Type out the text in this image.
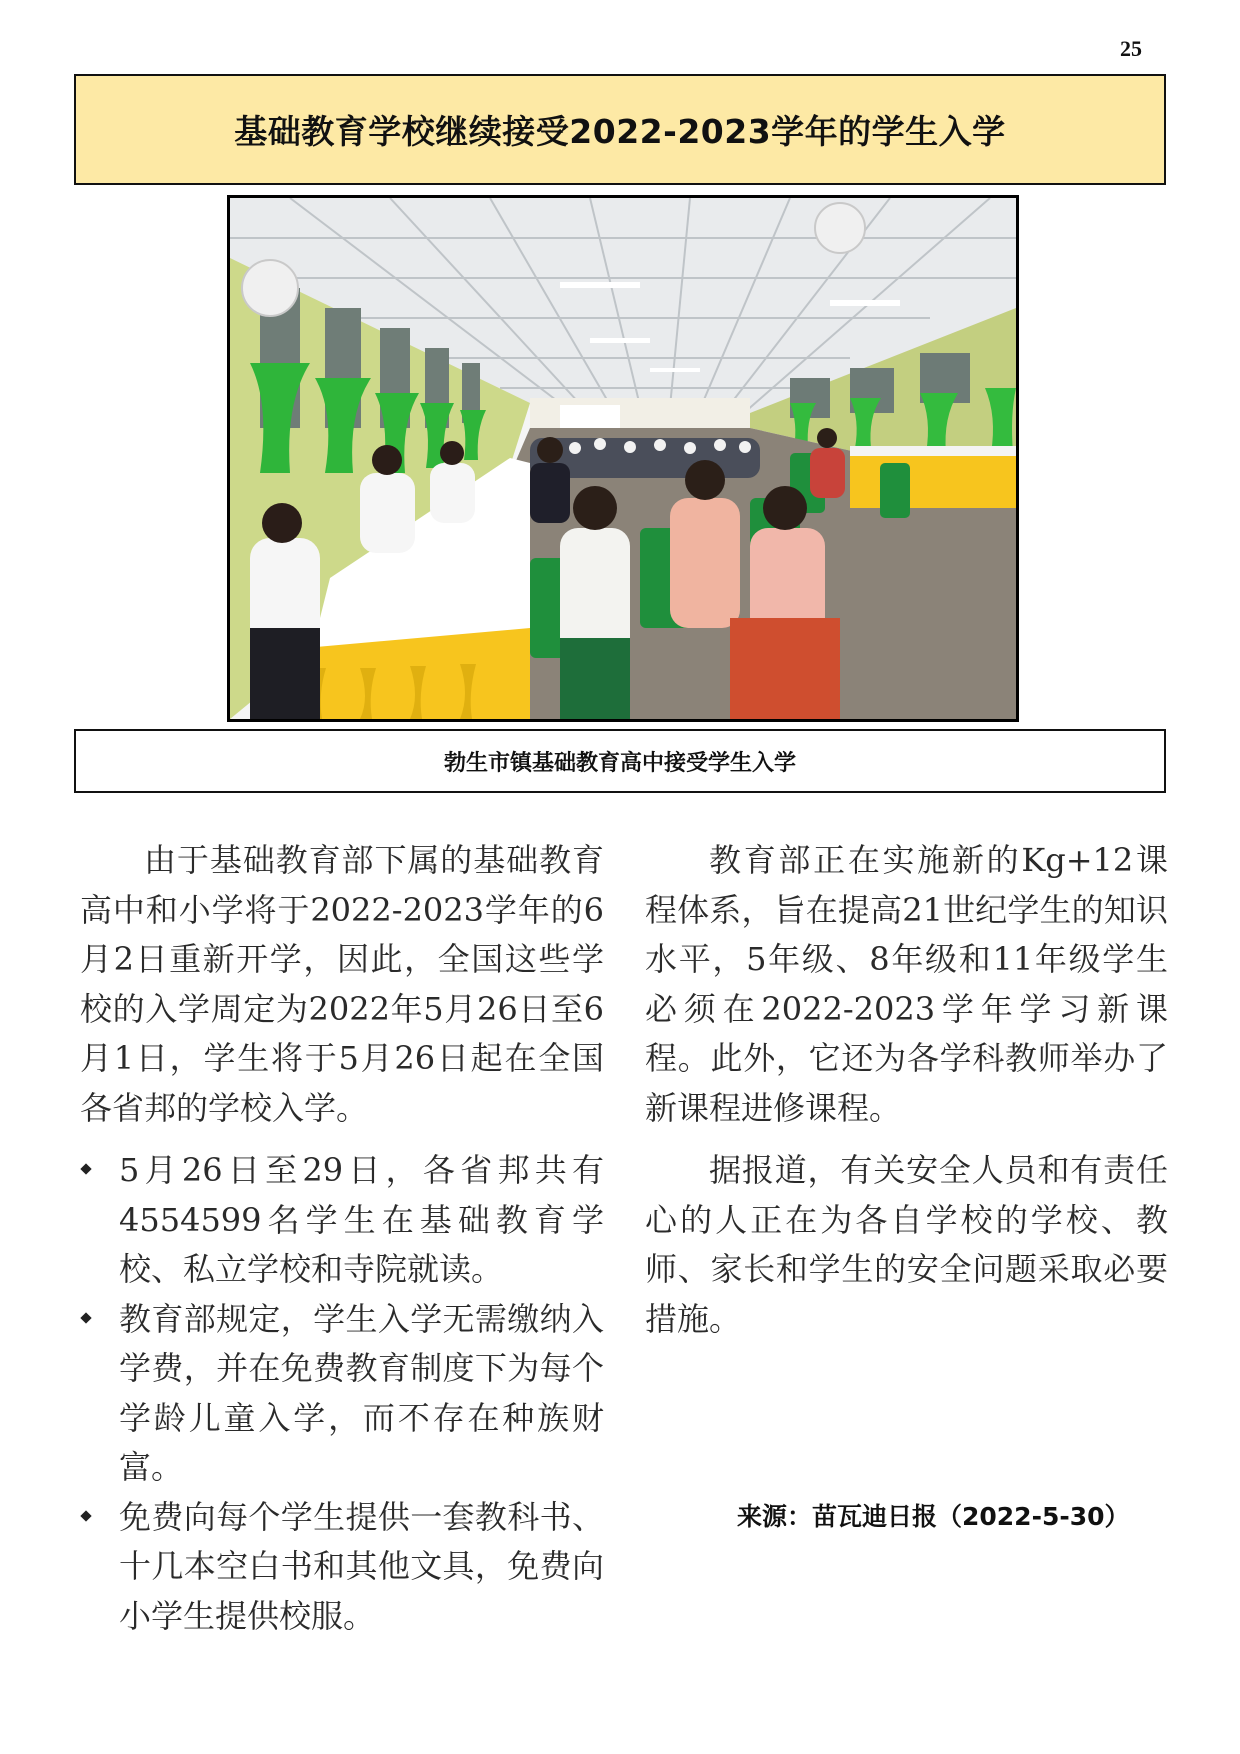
25
基础教育学校继续接受2022-2023学年的学生入学
勃生市镇基础教育高中接受学生入学

由于基础教育部下属的基础教育高中和小学将于2022-2023学年的6月2日重新开学，因此，全国这些学校的入学周定为2022年5月26日至6月1日，学生将于5月26日起在全国各省邦的学校入学。

5月26日至29日，各省邦共有4554599名学生在基础教育学校、私立学校和寺院就读。
教育部规定，学生入学无需缴纳入学费，并在免费教育制度下为每个学龄儿童入学，而不存在种族财富。
免费向每个学生提供一套教科书、十几本空白书和其他文具，免费向小学生提供校服。

教育部正在实施新的Kg+12课程体系，旨在提高21世纪学生的知识水平，5年级、8年级和11年级学生必须在2022-2023学年学习新课程。此外，它还为各学科教师举办了新课程进修课程。

据报道，有关安全人员和有责任心的人正在为各自学校的学校、教师、家长和学生的安全问题采取必要措施。

来源：苗瓦迪日报（2022-5-30）
